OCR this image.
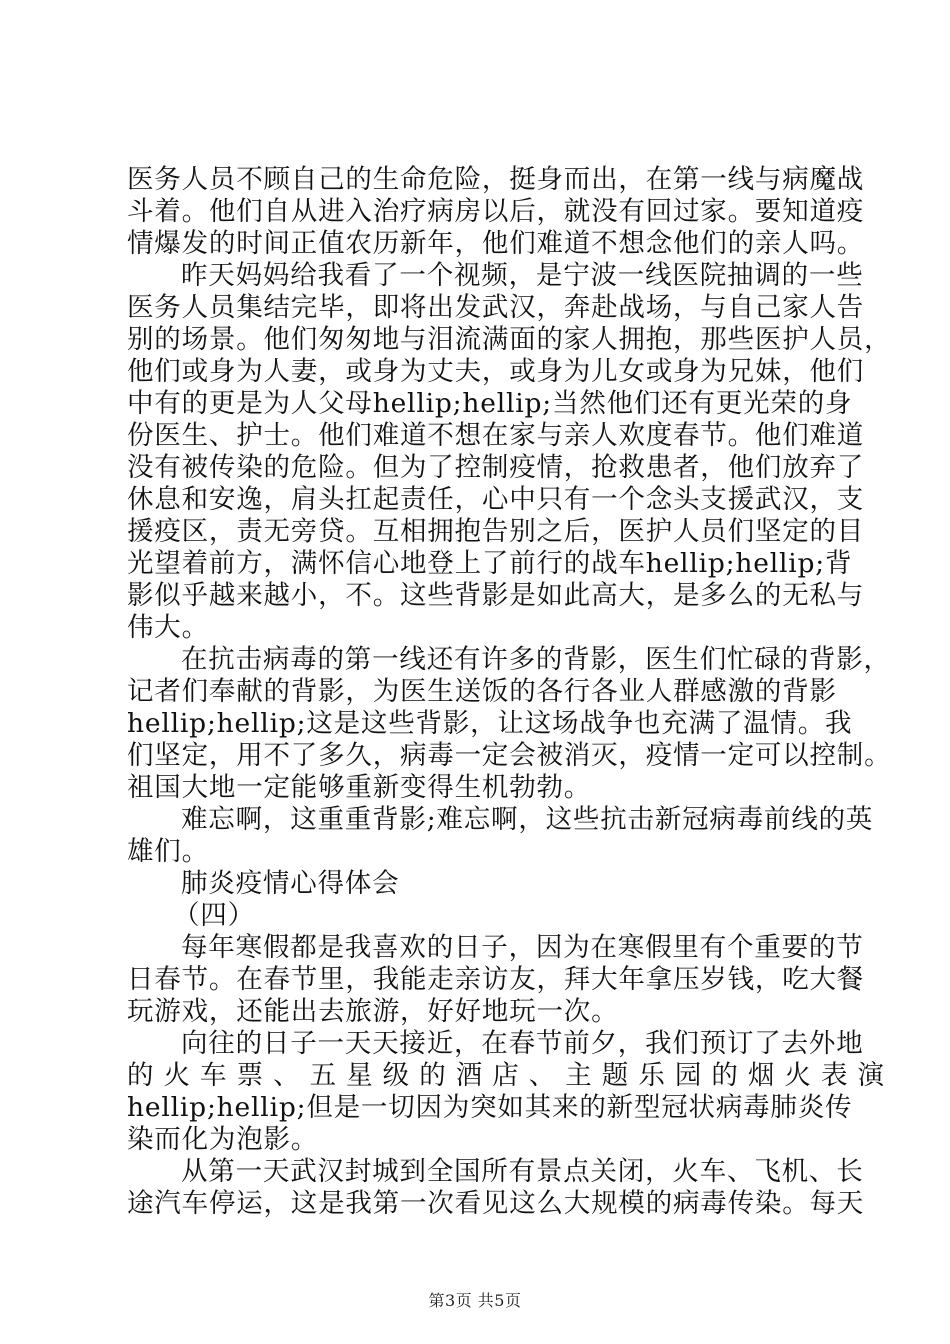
医务人员不顾自己的生命危险，挺身而出，在第一线与病魔战
斗着。他们自从进入治疗病房以后，就没有回过家。要知道疫
情爆发的时间正值农历新年，他们难道不想念他们的亲人吗。
昨天妈妈给我看了一个视频，是宁波一线医院抽调的一些
医务人员集结完毕，即将出发武汉，奔赴战场，与自己家人告
别的场景。他们匆匆地与泪流满面的家人拥抱，那些医护人员，
他们或身为人妻，或身为丈夫，或身为儿女或身为兄妹，他们
中有的更是为人父母hellip;hellip;当然他们还有更光荣的身
份医生、护士。他们难道不想在家与亲人欢度春节。他们难道
没有被传染的危险。但为了控制疫情，抢救患者，他们放弃了
休息和安逸，肩头扛起责任，心中只有一个念头支援武汉，支
援疫区，责无旁贷。互相拥抱告别之后，医护人员们坚定的目
光望着前方，满怀信心地登上了前行的战车hellip;hellip;背
影似乎越来越小，不。这些背影是如此高大，是多么的无私与
伟大。
在抗击病毒的第一线还有许多的背影，医生们忙碌的背影，
记者们奉献的背影，为医生送饭的各行各业人群感激的背影
hellip;hellip;这是这些背影，让这场战争也充满了温情。我
们坚定，用不了多久，病毒一定会被消灭，疫情一定可以控制。
祖国大地一定能够重新变得生机勃勃。
难忘啊，这重重背影;难忘啊，这些抗击新冠病毒前线的英
雄们。
肺炎疫情心得体会
（四）
每年寒假都是我喜欢的日子，因为在寒假里有个重要的节
日春节。在春节里，我能走亲访友，拜大年拿压岁钱，吃大餐
玩游戏，还能出去旅游，好好地玩一次。
向往的日子一天天接近，在春节前夕，我们预订了去外地
的 火 车 票 、 五 星 级 的 酒 店 、 主 题 乐 园 的 烟 火 表 演
hellip;hellip;但是一切因为突如其来的新型冠状病毒肺炎传
染而化为泡影。
从第一天武汉封城到全国所有景点关闭，火车、飞机、长
途汽车停运，这是我第一次看见这么大规模的病毒传染。每天
第3页 共5页
